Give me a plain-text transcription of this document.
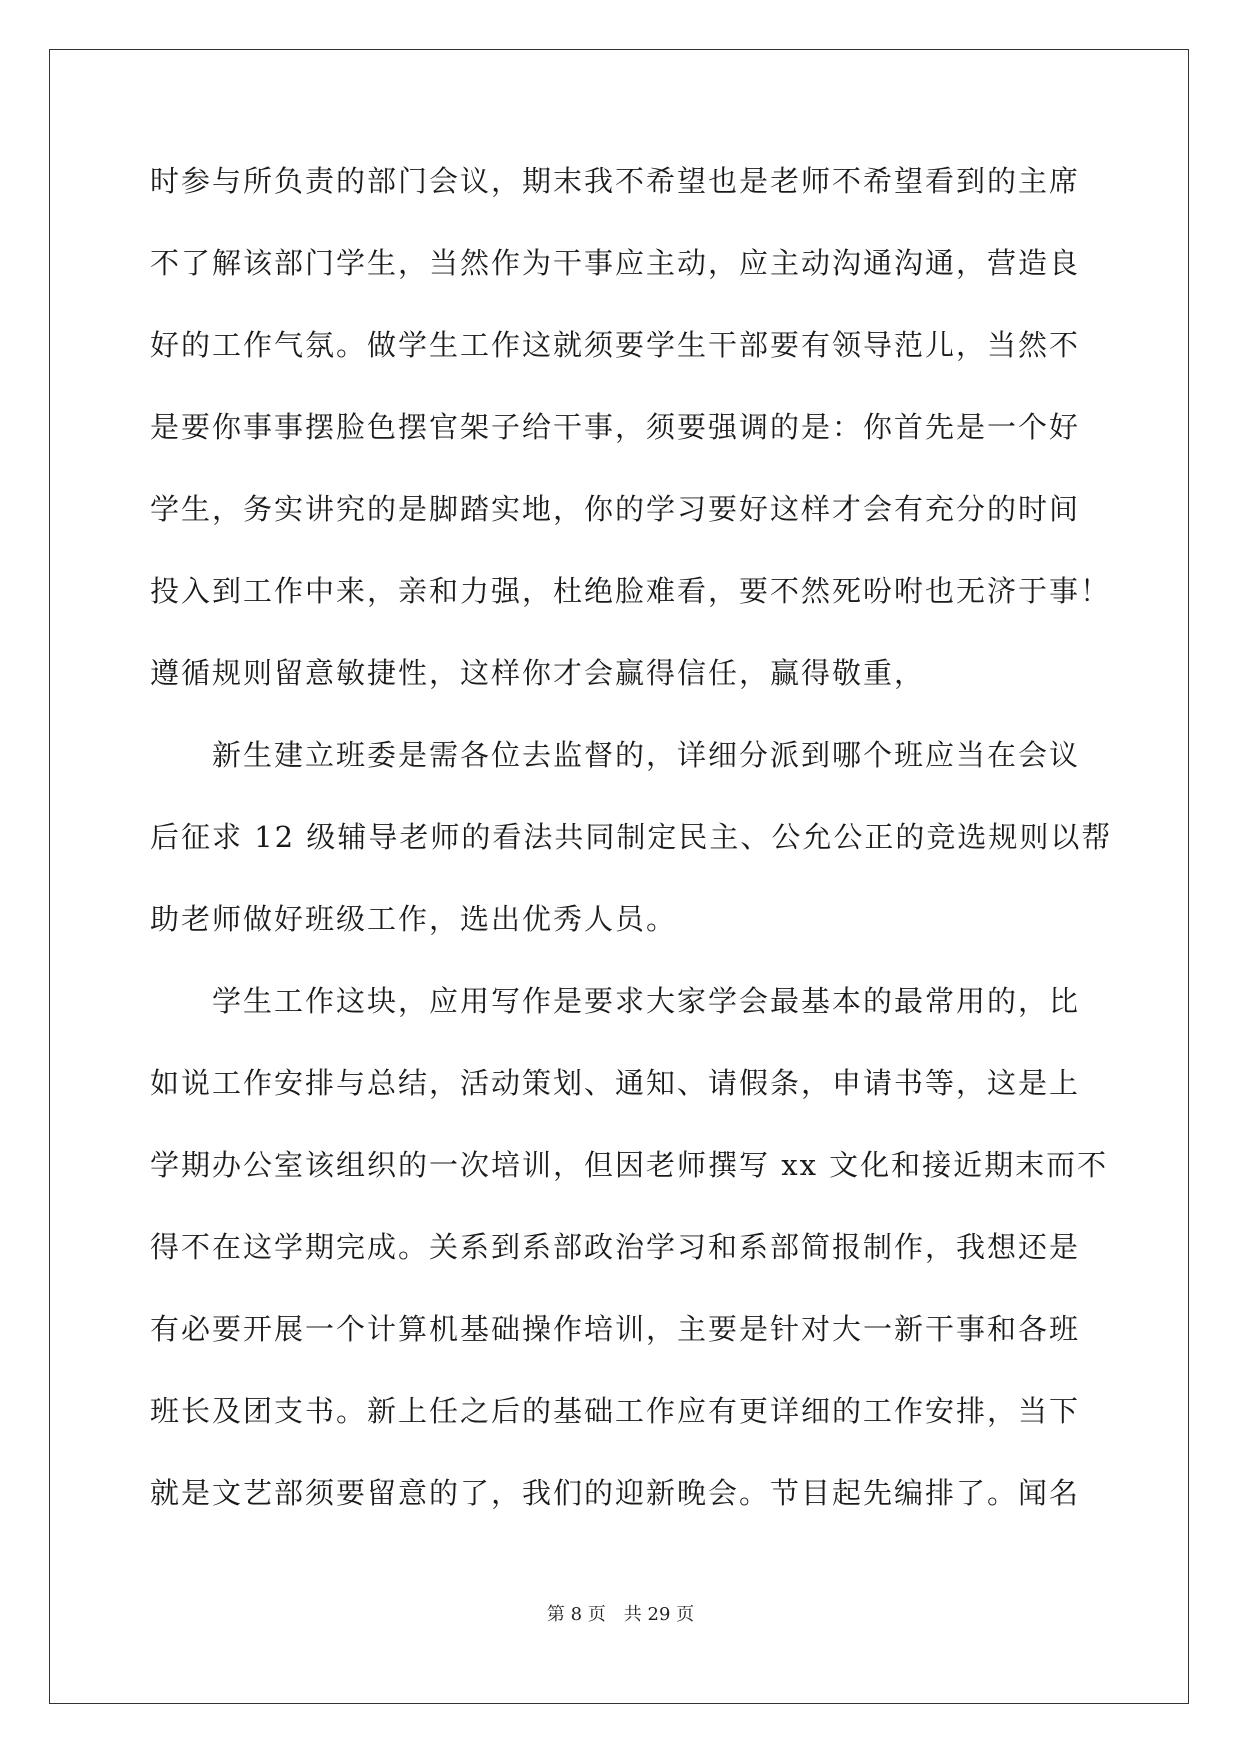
时参与所负责的部门会议，期末我不希望也是老师不希望看到的主席
不了解该部门学生，当然作为干事应主动，应主动沟通沟通，营造良
好的工作气氛。做学生工作这就须要学生干部要有领导范儿，当然不
是要你事事摆脸色摆官架子给干事，须要强调的是：你首先是一个好
学生，务实讲究的是脚踏实地，你的学习要好这样才会有充分的时间
投入到工作中来，亲和力强，杜绝脸难看，要不然死吩咐也无济于事！
遵循规则留意敏捷性，这样你才会赢得信任，赢得敬重，
　　新生建立班委是需各位去监督的，详细分派到哪个班应当在会议
后征求 12 级辅导老师的看法共同制定民主、公允公正的竞选规则以帮
助老师做好班级工作，选出优秀人员。
　　学生工作这块，应用写作是要求大家学会最基本的最常用的，比
如说工作安排与总结，活动策划、通知、请假条，申请书等，这是上
学期办公室该组织的一次培训，但因老师撰写 xx 文化和接近期末而不
得不在这学期完成。关系到系部政治学习和系部简报制作，我想还是
有必要开展一个计算机基础操作培训，主要是针对大一新干事和各班
班长及团支书。新上任之后的基础工作应有更详细的工作安排，当下
就是文艺部须要留意的了，我们的迎新晚会。节目起先编排了。闻名
第 8 页　共 29 页
